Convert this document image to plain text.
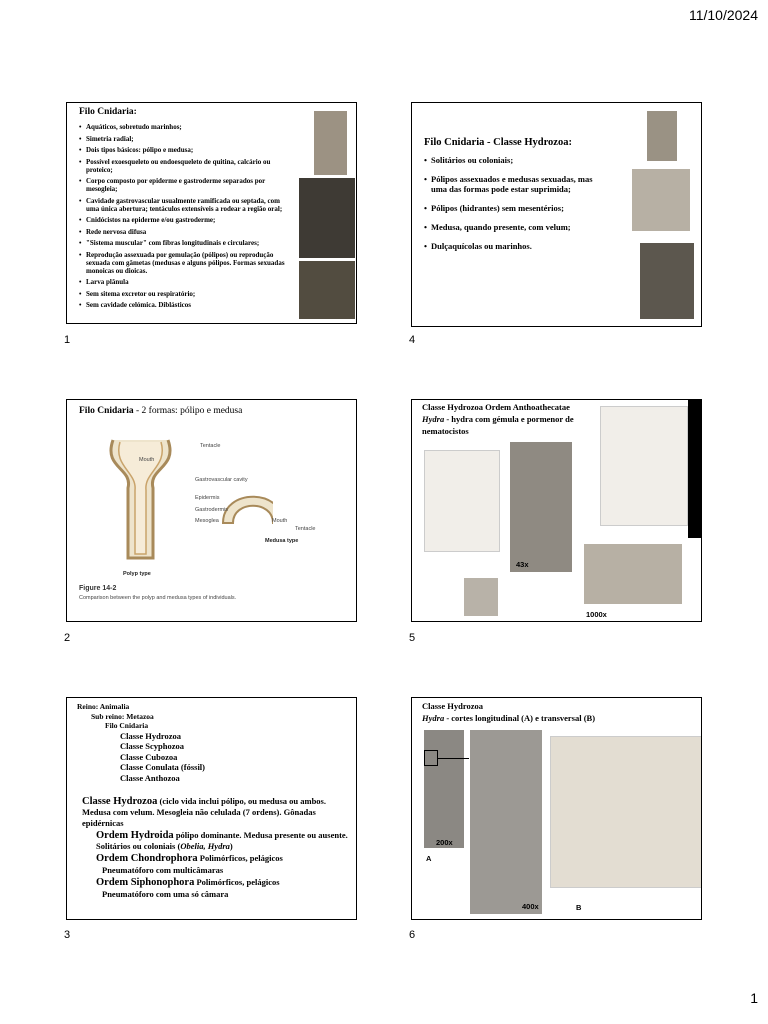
11/10/2024
Filo Cnidaria:
• Aquáticos, sobretudo marinhos;
• Simetria radial;
• Dois tipos básicos: pólipo e medusa;
• Possível exoesqueleto ou endoesqueleto de quitina, calcário ou proteico;
• Corpo composto por epiderme e gastroderme separados por mesogleia;
• Cavidade gastrovascular usualmente ramificada ou septada, com uma única abertura; tentáculos extensíveis a rodear a região oral;
• Cnidócistos na epiderme e/ou gastroderme;
• Rede nervosa difusa
• "Sistema muscular" com fibras longitudinais e circulares;
• Reprodução assexuada por gemulação (pólipos) ou reprodução sexuada com gâmetas (medusas e alguns pólipos. Formas sexuadas monoicas ou dioicas.
• Larva plânula
• Sem sitema excretor ou respiratório;
• Sem cavidade celómica. Diblásticos
1
Filo Cnidaria - Classe Hydrozoa:
• Solitários ou coloniais;
• Pólipos assexuados e medusas sexuadas, mas uma das formas pode estar suprimida;
• Pólipos (hidrantes) sem mesentérios;
• Medusa, quando presente, com velum;
• Dulçaquícolas ou marinhos.
4
Filo Cnidaria - 2 formas: pólipo e medusa
Tentacle
Mouth
Gastrovascular cavity
Epidermis
Gastrodermis
Mesoglea	Mouth
Tentacle
Polyp type
Medusa type
Figure 14-2
Comparison between the polyp and medusa types of individuals.
2
Classe Hydrozoa Ordem Anthoathecatae
Hydra - hydra com gémula e pormenor de nematocistos
43x
1000x
5
Reino: Animalia
Sub reino: Metazoa
Filo Cnidaria
Classe Hydrozoa
Classe Scyphozoa
Classe Cubozoa
Classe Conulata (fóssil)
Classe Anthozoa

Classe Hydrozoa (ciclo vida inclui pólipo, ou medusa ou ambos. Medusa com velum. Mesogleia não celulada (7 ordens). Gônadas epidérnicas

Ordem Hydroida pólipo dominante. Medusa presente ou ausente. Solitários ou coloniais (Obelia, Hydra)

Ordem Chondrophora Polimórficos, pelágicos

Pneumatóforo com multicâmaras

Ordem Siphonophora Polimórficos, pelágicos

Pneumatóforo com uma só câmara

3
Classe Hydrozoa
Hydra - cortes longitudinal (A) e transversal (B)
200x
A
400x	B
6
1
